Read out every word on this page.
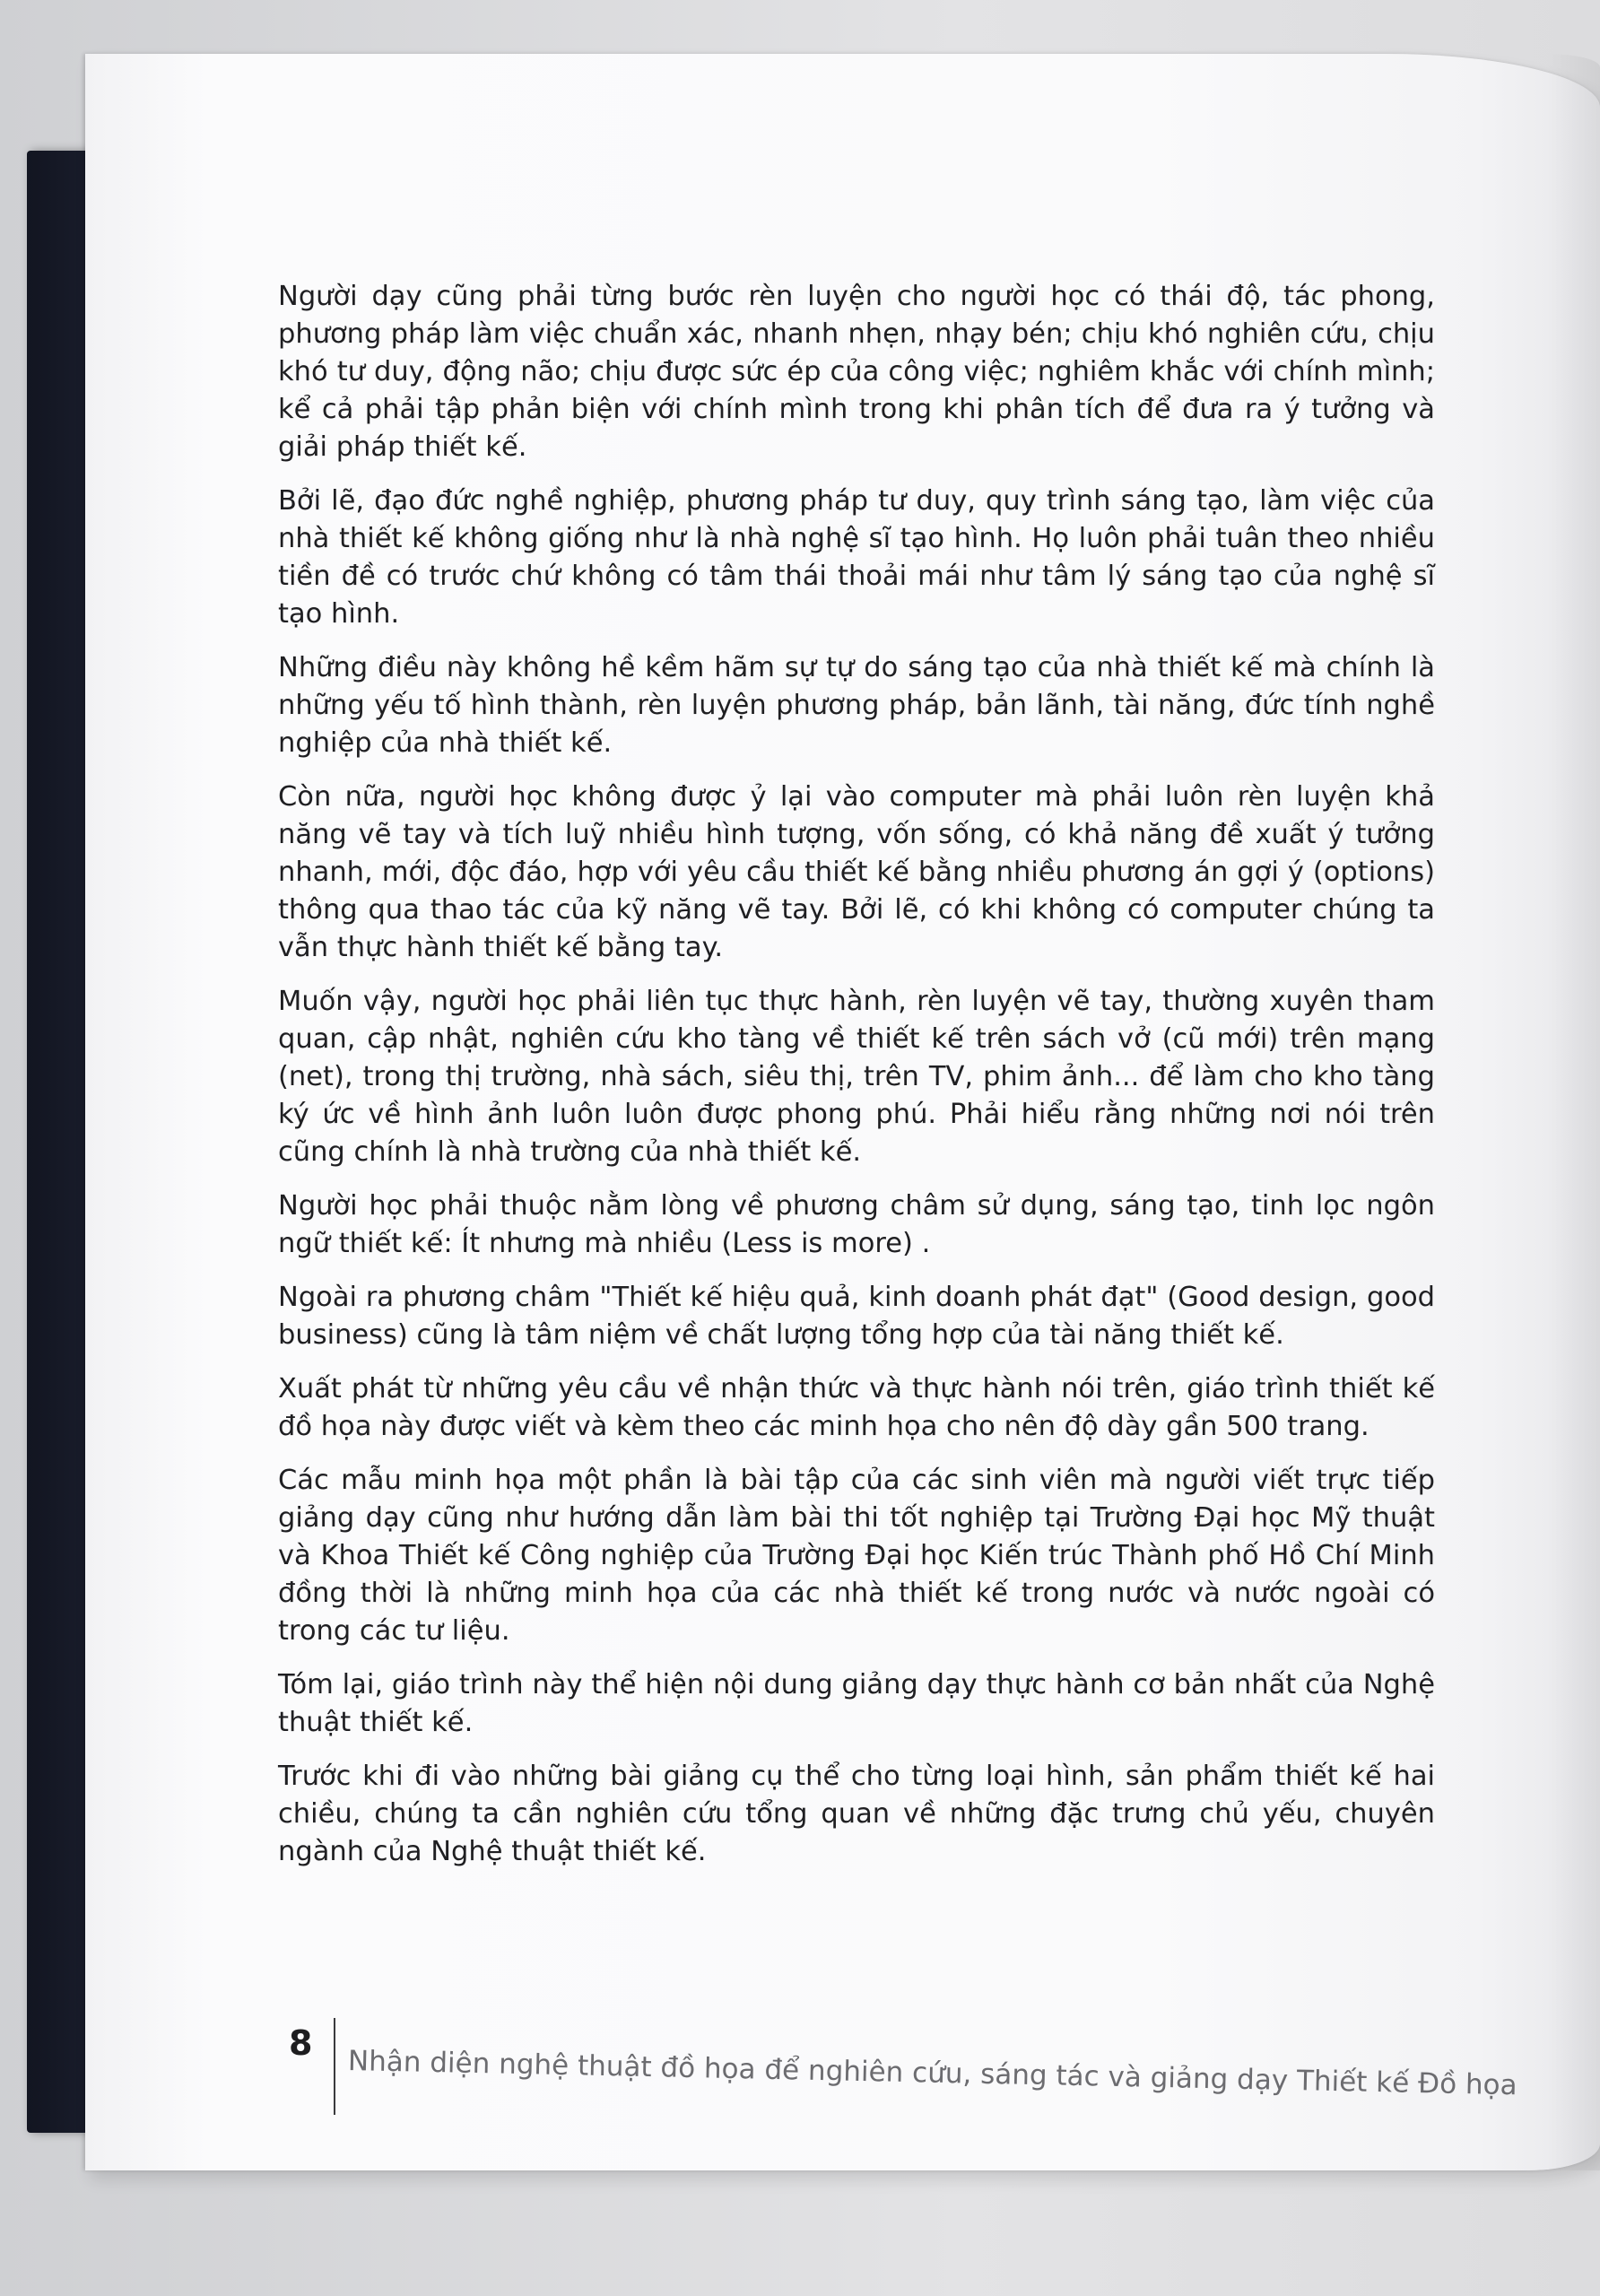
Người dạy cũng phải từng bước rèn luyện cho người học có thái độ, tác phong, phương pháp làm việc chuẩn xác, nhanh nhẹn, nhạy bén; chịu khó nghiên cứu, chịu khó tư duy, động não; chịu được sức ép của công việc; nghiêm khắc với chính mình; kể cả phải tập phản biện với chính mình trong khi phân tích để đưa ra ý tưởng và giải pháp thiết kế.

Bởi lẽ, đạo đức nghề nghiệp, phương pháp tư duy, quy trình sáng tạo, làm việc của nhà thiết kế không giống như là nhà nghệ sĩ tạo hình. Họ luôn phải tuân theo nhiều tiền đề có trước chứ không có tâm thái thoải mái như tâm lý sáng tạo của nghệ sĩ tạo hình.

Những điều này không hề kềm hãm sự tự do sáng tạo của nhà thiết kế mà chính là những yếu tố hình thành, rèn luyện phương pháp, bản lãnh, tài năng, đức tính nghề nghiệp của nhà thiết kế.

Còn nữa, người học không được ỷ lại vào computer mà phải luôn rèn luyện khả năng vẽ tay và tích luỹ nhiều hình tượng, vốn sống, có khả năng đề xuất ý tưởng nhanh, mới, độc đáo, hợp với yêu cầu thiết kế bằng nhiều phương án gợi ý (options) thông qua thao tác của kỹ năng vẽ tay. Bởi lẽ, có khi không có computer chúng ta vẫn thực hành thiết kế bằng tay.

Muốn vậy, người học phải liên tục thực hành, rèn luyện vẽ tay, thường xuyên tham quan, cập nhật, nghiên cứu kho tàng về thiết kế trên sách vở (cũ mới) trên mạng (net), trong thị trường, nhà sách, siêu thị, trên TV, phim ảnh... để làm cho kho tàng ký ức về hình ảnh luôn luôn được phong phú. Phải hiểu rằng những nơi nói trên cũng chính là nhà trường của nhà thiết kế.

Người học phải thuộc nằm lòng về phương châm sử dụng, sáng tạo, tinh lọc ngôn ngữ thiết kế: Ít nhưng mà nhiều (Less is more) .

Ngoài ra phương châm "Thiết kế hiệu quả, kinh doanh phát đạt" (Good design, good business) cũng là tâm niệm về chất lượng tổng hợp của tài năng thiết kế.

Xuất phát từ những yêu cầu về nhận thức và thực hành nói trên, giáo trình thiết kế đồ họa này được viết và kèm theo các minh họa cho nên độ dày gần 500 trang.

Các mẫu minh họa một phần là bài tập của các sinh viên mà người viết trực tiếp giảng dạy cũng như hướng dẫn làm bài thi tốt nghiệp tại Trường Đại học Mỹ thuật và Khoa Thiết kế Công nghiệp của Trường Đại học Kiến trúc Thành phố Hồ Chí Minh đồng thời là những minh họa của các nhà thiết kế trong nước và nước ngoài có trong các tư liệu.

Tóm lại, giáo trình này thể hiện nội dung giảng dạy thực hành cơ bản nhất của Nghệ thuật thiết kế.

Trước khi đi vào những bài giảng cụ thể cho từng loại hình, sản phẩm thiết kế hai chiều, chúng ta cần nghiên cứu tổng quan về những đặc trưng chủ yếu, chuyên ngành của Nghệ thuật thiết kế.

8
Nhận diện nghệ thuật đồ họa để nghiên cứu, sáng tác và giảng dạy Thiết kế Đồ họa
